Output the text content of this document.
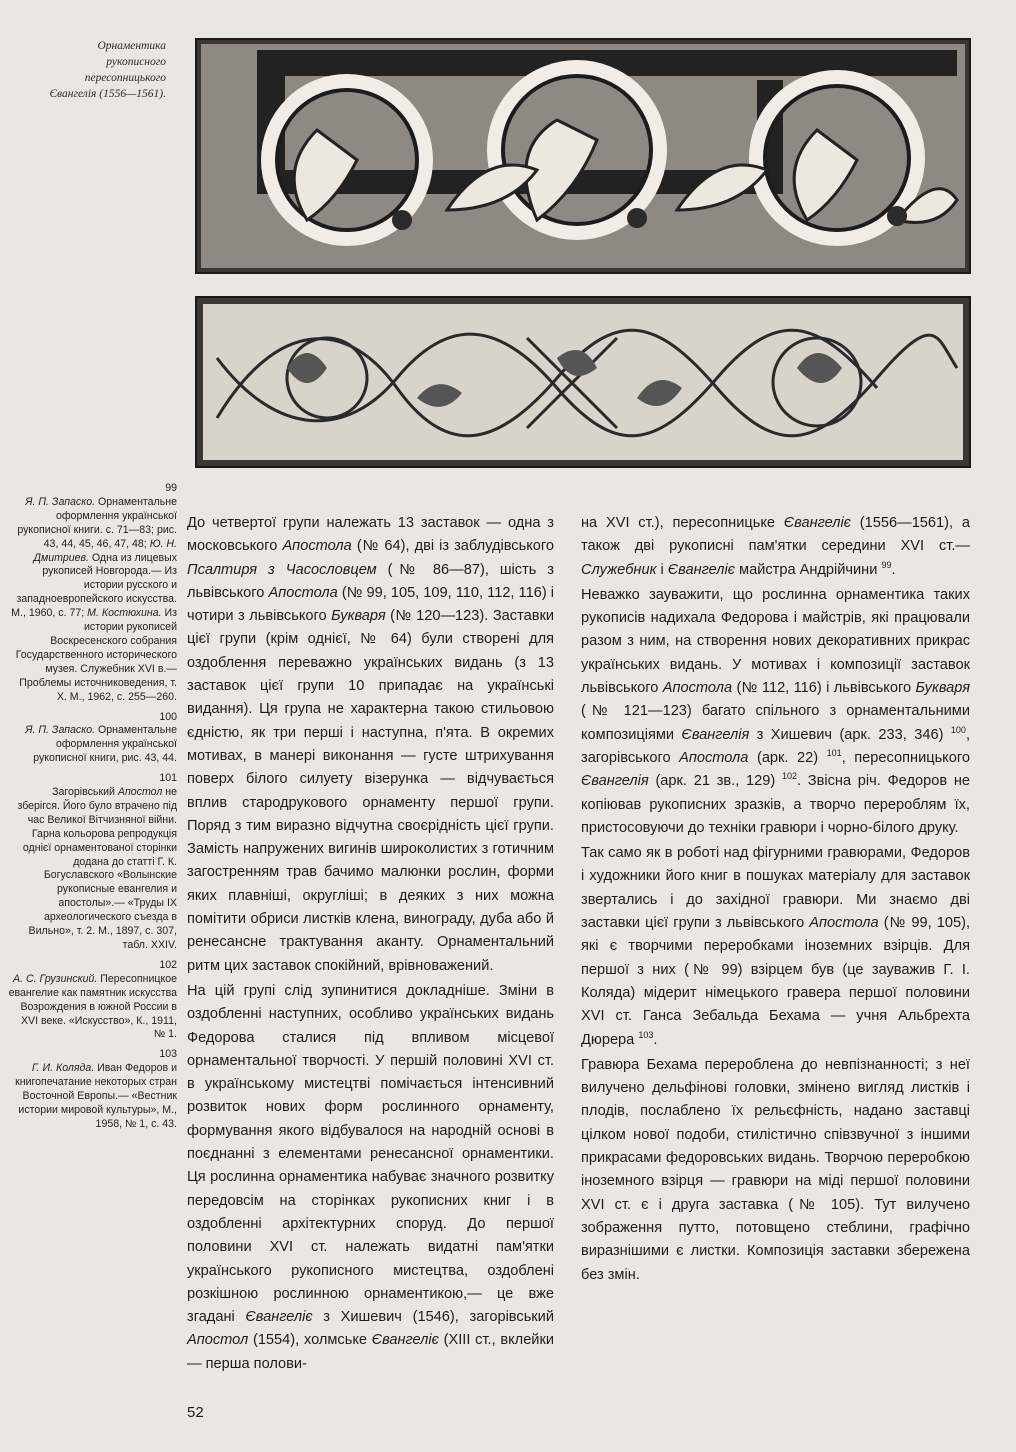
Орнаментика
рукописного
пересопницького
Євангелія (1556—1561).
99
Я. П. Запаско. Орнаментальне оформлення української рукописної книги. с. 71—83; рис. 43, 44, 45, 46, 47, 48; Ю. Н. Дмитриев. Одна из лицевых рукописей Новгорода.— Из истории русского и западноевропейского искусства. М., 1960, с. 77; М. Костюхина. Из истории рукописей Воскресенского собрания Государственного исторического музея. Служебник XVI в.— Проблемы источниковедения, т. X. М., 1962, с. 255—260.
100
Я. П. Запаско. Орнаментальне оформлення української рукописної книги, рис. 43, 44.
101
Загорівський Апостол не зберігся. Його було втрачено під час Великої Вітчизняної війни. Гарна кольорова репродукція однієї орнаментованої сторінки додана до статті Г. К. Богуславского «Волынские рукописные евангелия и апостолы».— «Труды IX археологического съезда в Вильно», т. 2. М., 1897, с. 307, табл. XXIV.
102
А. С. Грузинский. Пересопницкое евангелие как памятник искусства Возрождения в южной России в XVI веке. «Искусство», К., 1911, № 1.
103
Г. И. Коляда. Иван Федоров и книгопечатание некоторых стран Восточной Европы.— «Вестник истории мировой культуры», М., 1958, № 1, с. 43.

До четвертої групи належать 13 заставок — одна з московського Апостола (№ 64), дві із заблудівського Псалтиря з Часословцем (№ 86—87), шість з львівського Апостола (№ 99, 105, 109, 110, 112, 116) і чотири з львівського Букваря (№ 120—123). Заставки цієї групи (крім однієї, № 64) були створені для оздоблення переважно українських видань (з 13 заставок цієї групи 10 припадає на українські видання). Ця група не характерна такою стильовою єдністю, як три перші і наступна, п'ята. В окремих мотивах, в манері виконання — густе штрихування поверх білого силуету візерунка — відчувається вплив стародрукового орнаменту першої групи. Поряд з тим виразно відчутна своєрідність цієї групи. Замість напружених вигинів широколистих з готичним загостренням трав бачимо малюнки рослин, форми яких плавніші, округліші; в деяких з них можна помітити обриси листків клена, винограду, дуба або й ренесансне трактування аканту. Орнаментальний ритм цих заставок спокійний, врівноважений.

На цій групі слід зупинитися докладніше. Зміни в оздобленні наступних, особливо українських видань Федорова сталися під впливом місцевої орнаментальної творчості. У першій половині XVI ст. в українському мистецтві помічається інтенсивний розвиток нових форм рослинного орнаменту, формування якого відбувалося на народній основі в поєднанні з елементами ренесансної орнаментики. Ця рослинна орнаментика набуває значного розвитку передовсім на сторінках рукописних книг і в оздобленні архітектурних споруд. До першої половини XVI ст. належать видатні пам'ятки українського рукописного мистецтва, оздоблені розкішною рослинною орнаментикою,— це вже згадані Євангеліє з Хишевич (1546), загорівський Апостол (1554), холмське Євангеліє (XIII ст., вклейки — перша полови-

на XVI ст.), пересопницьке Євангеліє (1556—1561), а також дві рукописні пам'ятки середини XVI ст.— Служебник і Євангеліє майстра Андрійчини $^{99}$.

Неважко зауважити, що рослинна орнаментика таких рукописів надихала Федорова і майстрів, які працювали разом з ним, на створення нових декоративних прикрас українських видань. У мотивах і композиції заставок львівського Апостола (№ 112, 116) і львівського Букваря (№ 121—123) багато спільного з орнаментальними композиціями Євангелія з Хишевич (арк. 233, 346) $^{100}$, загорівського Апостола (арк. 22) $^{101}$, пересопницького Євангелія (арк. 21 зв., 129) $^{102}$. Звісна річ. Федоров не копіював рукописних зразків, а творчо перероблям їх, пристосовуючи до техніки гравюри і чорно-білого друку.

Так само як в роботі над фігурними гравюрами, Федоров і художники його книг в пошуках матеріалу для заставок звертались і до західної гравюри. Ми знаємо дві заставки цієї групи з львівського Апостола (№ 99, 105), які є творчими переробками іноземних взірців. Для першої з них (№ 99) взірцем був (це зауважив Г. І. Коляда) мідерит німецького гравера першої половини XVI ст. Ганса Зебальда Бехама — учня Альбрехта Дюрера $^{103}$.

Гравюра Бехама перероблена до невпізнанності; з неї вилучено дельфінові головки, змінено вигляд листків і плодів, послаблено їх рельєфність, надано заставці цілком нової подоби, стилістично співзвучної з іншими прикрасами федоровських видань. Творчою переробкою іноземного взірця — гравюри на міді першої половини XVI ст. є і друга заставка (№ 105). Тут вилучено зображення путто, потовщено стеблини, графічно виразнішими є листки. Композиція заставки збережена без змін.

52
